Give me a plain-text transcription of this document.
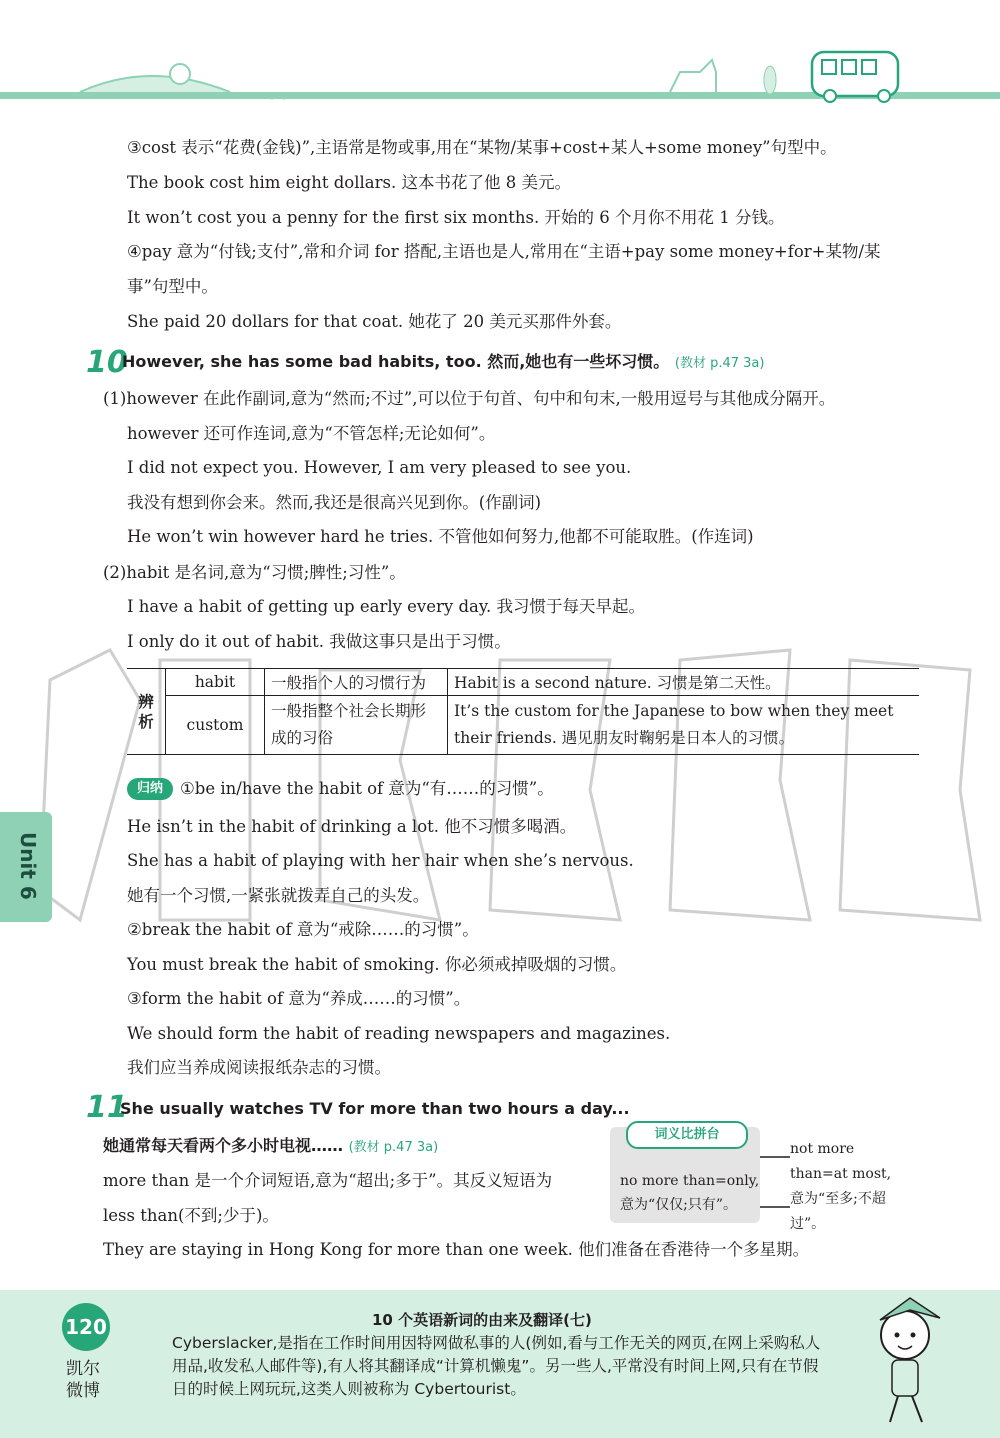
③cost 表示“花费(金钱)”,主语常是物或事,用在“某物/某事+cost+某人+some money”句型中。
The book cost him eight dollars. 这本书花了他 8 美元。
It won’t cost you a penny for the first six months. 开始的 6 个月你不用花 1 分钱。
④pay 意为“付钱;支付”,常和介词 for 搭配,主语也是人,常用在“主语+pay some money+for+某物/某
事”句型中。
She paid 20 dollars for that coat. 她花了 20 美元买那件外套。
10
However, she has some bad habits, too. 然而,她也有一些坏习惯。 (教材 p.47 3a)
(1)however 在此作副词,意为“然而;不过”,可以位于句首、句中和句末,一般用逗号与其他成分隔开。
however 还可作连词,意为“不管怎样;无论如何”。
I did not expect you. However, I am very pleased to see you.
我没有想到你会来。然而,我还是很高兴见到你。(作副词)
He won’t win however hard he tries. 不管他如何努力,他都不可能取胜。(作连词)
(2)habit 是名词,意为“习惯;脾性;习性”。
I have a habit of getting up early every day. 我习惯于每天早起。
I only do it out of habit. 我做这事只是出于习惯。
辨析	habit	一般指个人的习惯行为	Habit is a second nature. 习惯是第二天性。
	custom	一般指整个社会长期形成的习俗	It’s the custom for the Japanese to bow when they meet their friends. 遇见朋友时鞠躬是日本人的习惯。
归纳	①be in/have the habit of 意为“有……的习惯”。
He isn’t in the habit of drinking a lot. 他不习惯多喝酒。
She has a habit of playing with her hair when she’s nervous.
她有一个习惯,一紧张就拨弄自己的头发。
②break the habit of 意为“戒除……的习惯”。
You must break the habit of smoking. 你必须戒掉吸烟的习惯。
③form the habit of 意为“养成……的习惯”。
We should form the habit of reading newspapers and magazines.
我们应当养成阅读报纸杂志的习惯。
Unit 6
11
She usually watches TV for more than two hours a day...
她通常每天看两个多小时电视…… (教材 p.47 3a)
more than 是一个介词短语,意为“超出;多于”。其反义短语为
less than(不到;少于)。
They are staying in Hong Kong for more than one week. 他们准备在香港待一个多星期。
no more than=only, 意为“仅仅;只有”。
词义比拼台
not more than=at most, 意为“至多;不超过”。
120
凯尔
微博
10 个英语新词的由来及翻译(七)
Cyberslacker,是指在工作时间用因特网做私事的人(例如,看与工作无关的网页,在网上采购私人用品,收发私人邮件等),有人将其翻译成“计算机懒鬼”。另一些人,平常没有时间上网,只有在节假日的时候上网玩玩,这类人则被称为 Cybertourist。
